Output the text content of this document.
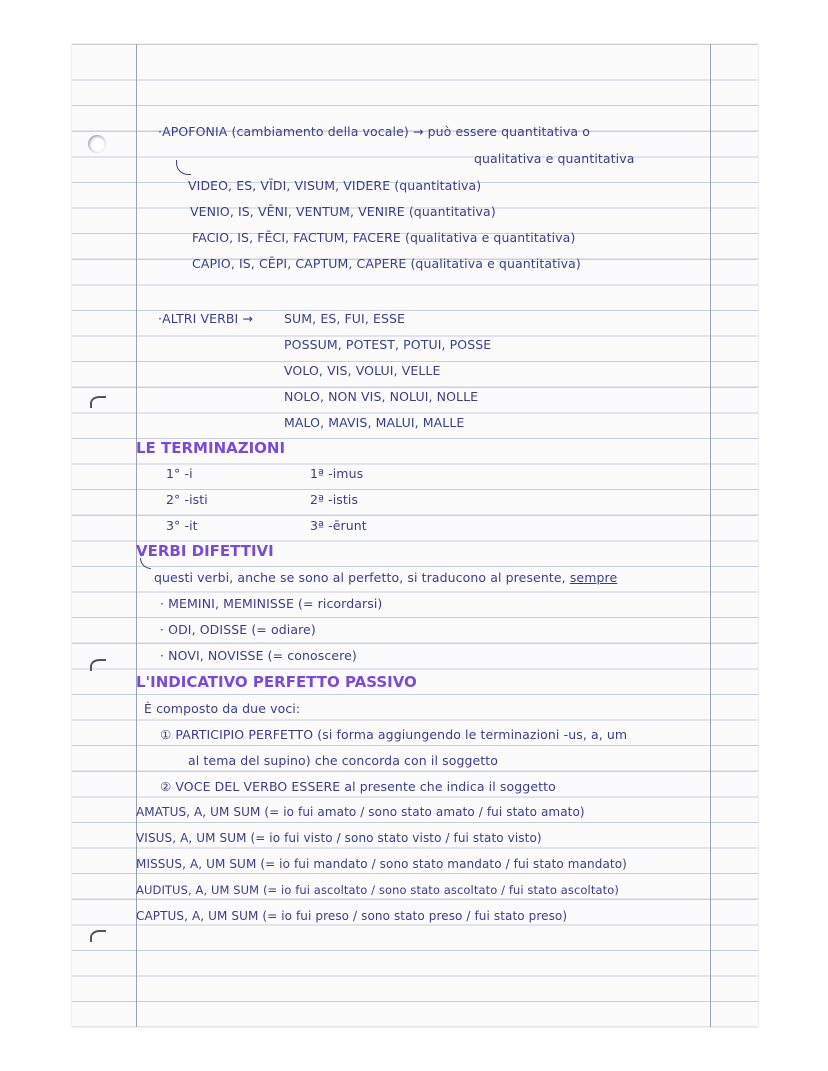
·APOFONIA (cambiamento della vocale) → può essere quantitativa o
qualitativa e quantitativa
VIDEO, ES, VĪDI, VISUM, VIDERE (quantitativa)
VENIO, IS, VĒNI, VENTUM, VENIRE (quantitativa)
FACIO, IS, FĒCI, FACTUM, FACERE (qualitativa e quantitativa)
CAPIO, IS, CĒPI, CAPTUM, CAPERE (qualitativa e quantitativa)
·ALTRI VERBI → SUM, ES, FUI, ESSE
POSSUM, POTEST, POTUI, POSSE
VOLO, VIS, VOLUI, VELLE
NOLO, NON VIS, NOLUI, NOLLE
MALO, MAVIS, MALUI, MALLE
LE TERMINAZIONI
1° -i
2° -isti
3° -it
1ª -imus
2ª -istis
3ª -ērunt
VERBI DIFETTIVI
questi verbi, anche se sono al perfetto, si traducono al presente, sempre
· MEMINI, MEMINISSE (= ricordarsi)
· ODI, ODISSE (= odiare)
· NOVI, NOVISSE (= conoscere)
L'INDICATIVO PERFETTO PASSIVO
È composto da due voci:
① PARTICIPIO PERFETTO (si forma aggiungendo le terminazioni -us, a, um
al tema del supino) che concorda con il soggetto
② VOCE DEL VERBO ESSERE al presente che indica il soggetto
AMATUS, A, UM SUM (= io fui amato / sono stato amato / fui stato amato)
VISUS, A, UM SUM (= io fui visto / sono stato visto / fui stato visto)
MISSUS, A, UM SUM (= io fui mandato / sono stato mandato / fui stato mandato)
AUDITUS, A, UM SUM (= io fui ascoltato / sono stato ascoltato / fui stato ascoltato)
CAPTUS, A, UM SUM (= io fui preso / sono stato preso / fui stato preso)
